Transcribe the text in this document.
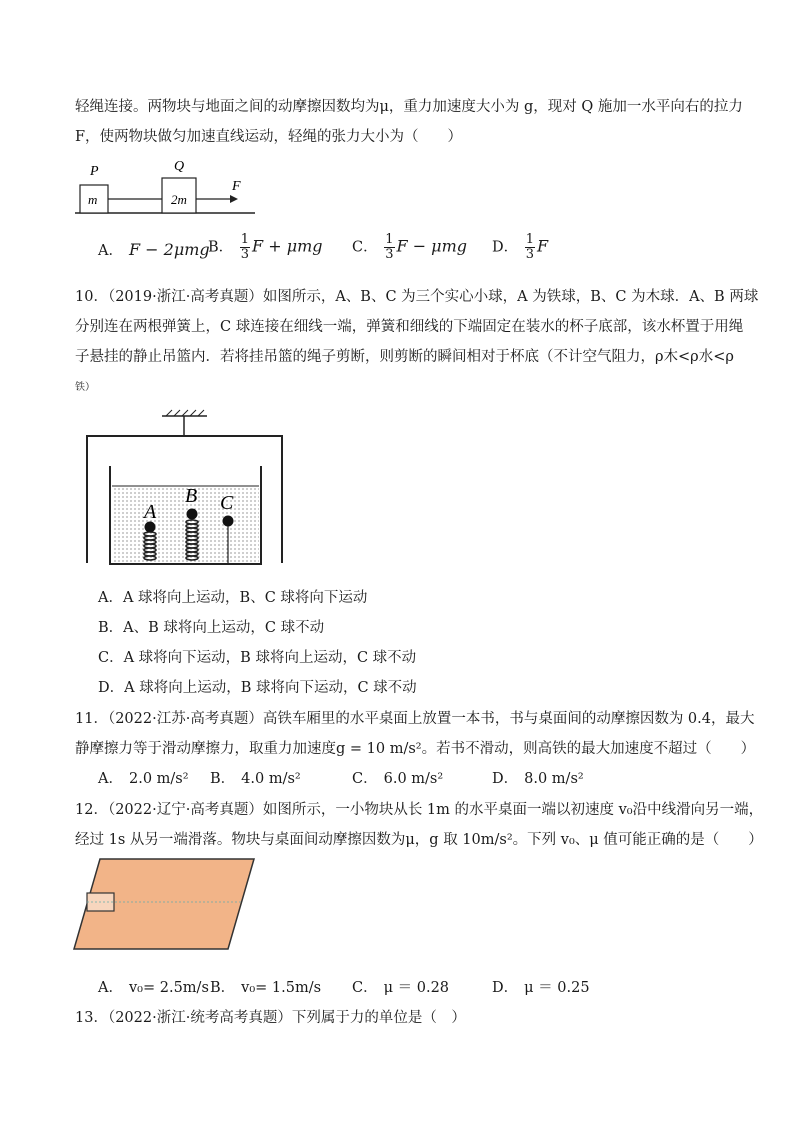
轻绳连接。两物块与地面之间的动摩擦因数均为μ，重力加速度大小为 g，现对 Q 施加一水平向右的拉力
F，使两物块做匀加速直线运动，轻绳的张力大小为（　　）
P	Q
m	2m
F
A． F − 2μmg
B． $\frac{1}{3}$ F + μmg C． $\frac{1}{3}$ F − μmg D． $\frac{1}{3}$ F
10．（2019·浙江·高考真题）如图所示，A、B、C 为三个实心小球，A 为铁球，B、C 为木球．A、B 两球
分别连在两根弹簧上，C 球连接在细线一端，弹簧和细线的下端固定在装水的杯子底部，该水杯置于用绳
子悬挂的静止吊篮内．若将挂吊篮的绳子剪断，则剪断的瞬间相对于杯底（不计空气阻力，ρ木<ρ水<ρ
铁）
A
B C
A．A 球将向上运动，B、C 球将向下运动
B．A、B 球将向上运动，C 球不动
C．A 球将向下运动，B 球将向上运动，C 球不动
D．A 球将向上运动，B 球将向下运动，C 球不动
11．（2022·江苏·高考真题）高铁车厢里的水平桌面上放置一本书，书与桌面间的动摩擦因数为 0.4，最大
静摩擦力等于滑动摩擦力，取重力加速度g = 10 m/s²。若书不滑动，则高铁的最大加速度不超过（　　）
A． 2.0 m/s² B． 4.0 m/s²	C． 6.0 m/s²	D． 8.0 m/s²
12．（2022·辽宁·高考真题）如图所示，一小物块从长 1m 的水平桌面一端以初速度 v₀沿中线滑向另一端，
经过 1s 从另一端滑落。物块与桌面间动摩擦因数为μ，g 取 10m/s²。下列 v₀、μ 值可能正确的是（　　）
A． v₀= 2.5m/s B． v₀= 1.5m/s C． μ ＝ 0.28	D． μ ＝ 0.25
13．（2022·浙江·统考高考真题）下列属于力的单位是（　）
